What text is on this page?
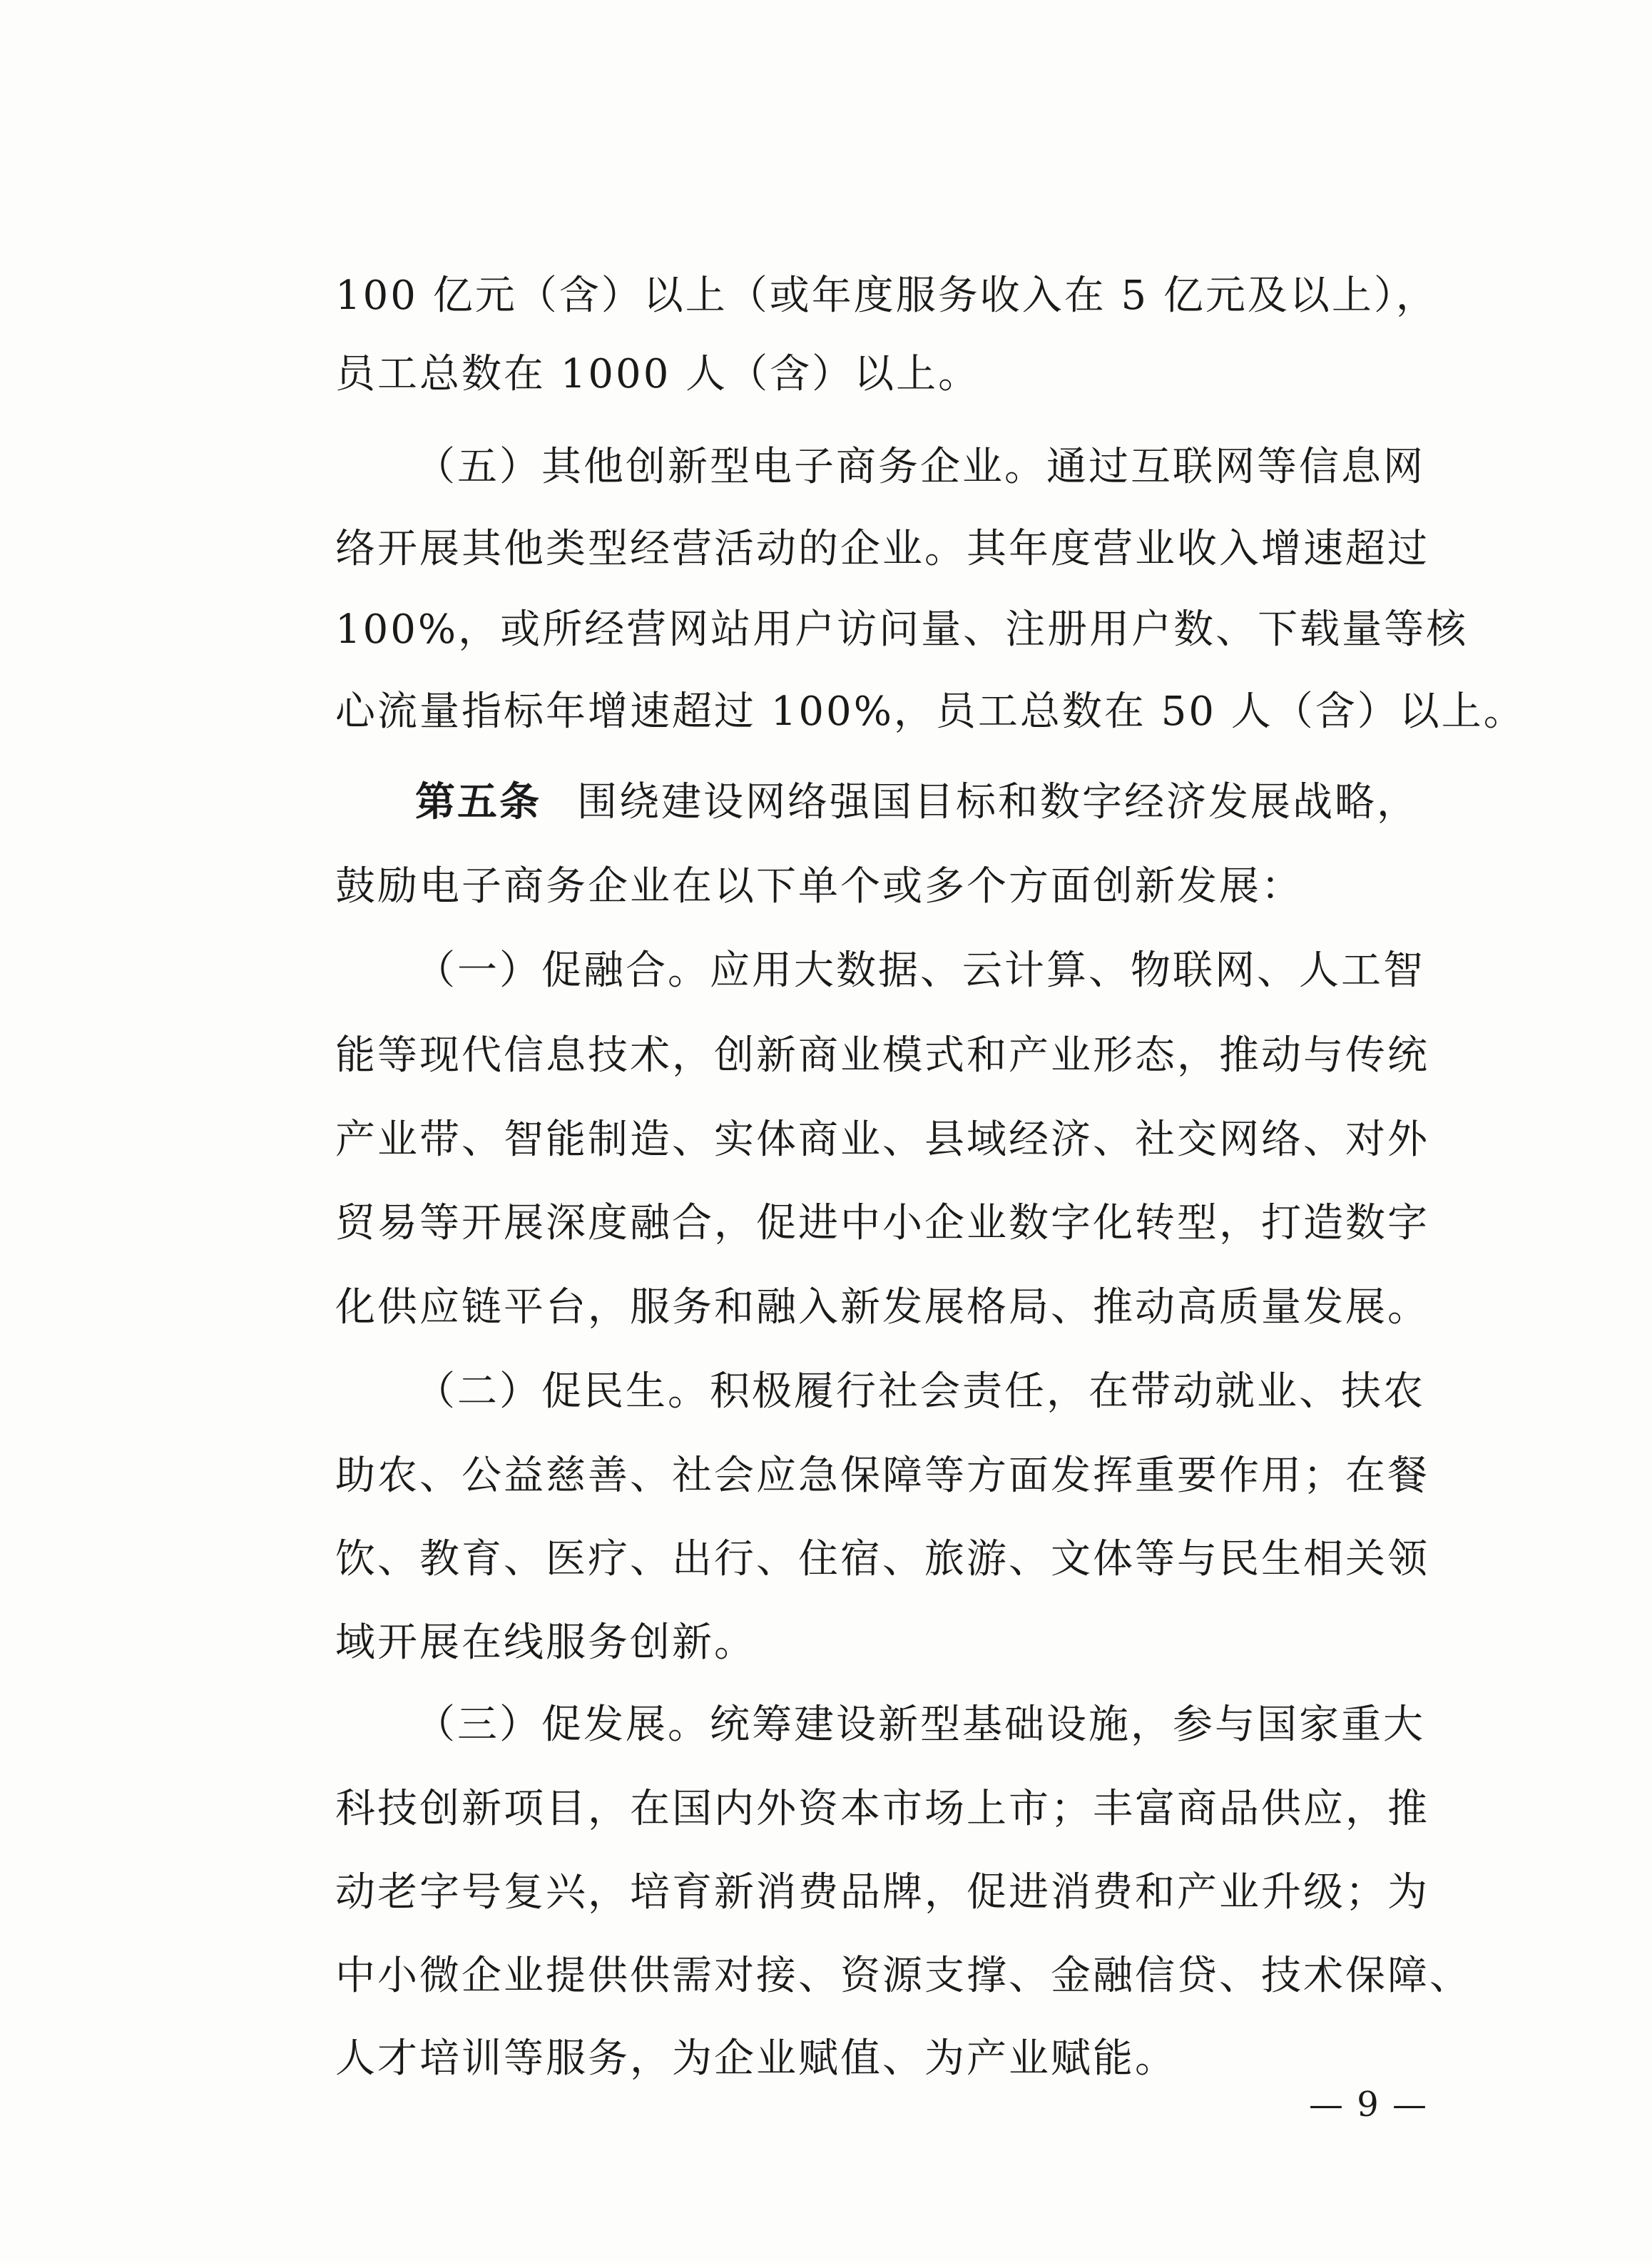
100 亿元（含）以上（或年度服务收入在 5 亿元及以上），
员工总数在 1000 人（含）以上。
（五）其他创新型电子商务企业。通过互联网等信息网
络开展其他类型经营活动的企业。其年度营业收入增速超过
100%，或所经营网站用户访问量、注册用户数、下载量等核
心流量指标年增速超过 100%，员工总数在 50 人（含）以上。
第五条 围绕建设网络强国目标和数字经济发展战略，
鼓励电子商务企业在以下单个或多个方面创新发展：
（一）促融合。应用大数据、云计算、物联网、人工智
能等现代信息技术，创新商业模式和产业形态，推动与传统
产业带、智能制造、实体商业、县域经济、社交网络、对外
贸易等开展深度融合，促进中小企业数字化转型，打造数字
化供应链平台，服务和融入新发展格局、推动高质量发展。
（二）促民生。积极履行社会责任，在带动就业、扶农
助农、公益慈善、社会应急保障等方面发挥重要作用；在餐
饮、教育、医疗、出行、住宿、旅游、文体等与民生相关领
域开展在线服务创新。
（三）促发展。统筹建设新型基础设施，参与国家重大
科技创新项目，在国内外资本市场上市；丰富商品供应，推
动老字号复兴，培育新消费品牌，促进消费和产业升级；为
中小微企业提供供需对接、资源支撑、金融信贷、技术保障、
人才培训等服务，为企业赋值、为产业赋能。
— 9 —
